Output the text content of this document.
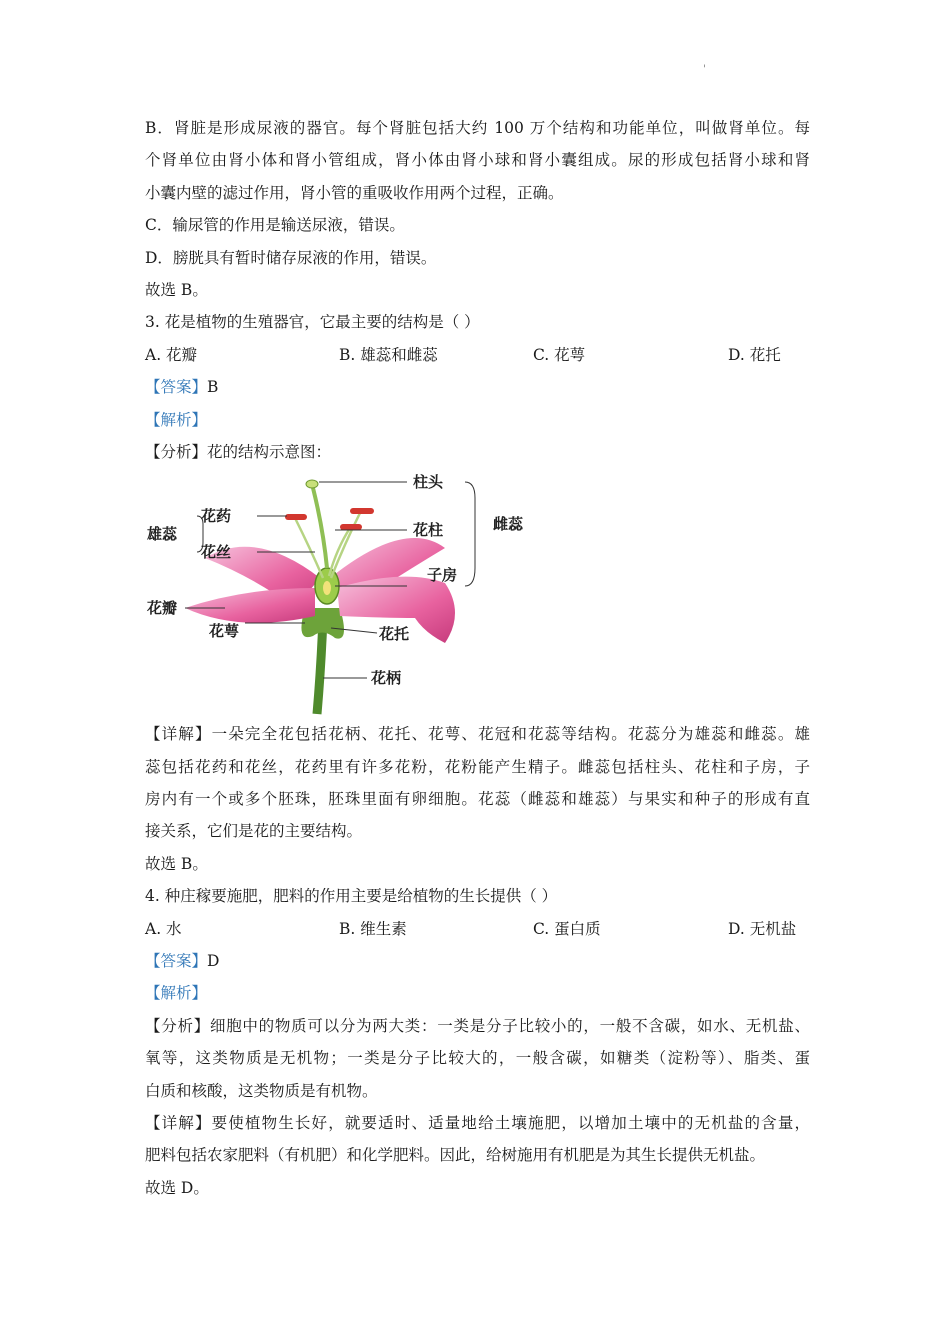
'
B．肾脏是形成尿液的器官。每个肾脏包括大约 100 万个结构和功能单位，叫做肾单位。每
个肾单位由肾小体和肾小管组成，肾小体由肾小球和肾小囊组成。尿的形成包括肾小球和肾
小囊内壁的滤过作用，肾小管的重吸收作用两个过程，正确。
C．输尿管的作用是输送尿液，错误。
D．膀胱具有暂时储存尿液的作用，错误。
故选 B。
3. 花是植物的生殖器官，它最主要的结构是（ ）
A. 花瓣	B. 雄蕊和雌蕊	C. 花萼	D. 花托
【答案】B
【解析】
【分析】花的结构示意图：
柱头
花药
花柱	雌蕊
雄蕊
花丝
子房
花瓣
花萼	花托
花柄
【详解】一朵完全花包括花柄、花托、花萼、花冠和花蕊等结构。花蕊分为雄蕊和雌蕊。雄
蕊包括花药和花丝，花药里有许多花粉，花粉能产生精子。雌蕊包括柱头、花柱和子房，子
房内有一个或多个胚珠，胚珠里面有卵细胞。花蕊（雌蕊和雄蕊）与果实和种子的形成有直
接关系，它们是花的主要结构。
故选 B。
4. 种庄稼要施肥，肥料的作用主要是给植物的生长提供（ ）
A. 水	B. 维生素	C. 蛋白质	D. 无机盐
【答案】D
【解析】
【分析】细胞中的物质可以分为两大类：一类是分子比较小的，一般不含碳，如水、无机盐、
氧等，这类物质是无机物；一类是分子比较大的，一般含碳，如糖类（淀粉等）、脂类、蛋
白质和核酸，这类物质是有机物。
【详解】要使植物生长好，就要适时、适量地给土壤施肥，以增加土壤中的无机盐的含量，
肥料包括农家肥料（有机肥）和化学肥料。因此，给树施用有机肥是为其生长提供无机盐。
故选 D。
